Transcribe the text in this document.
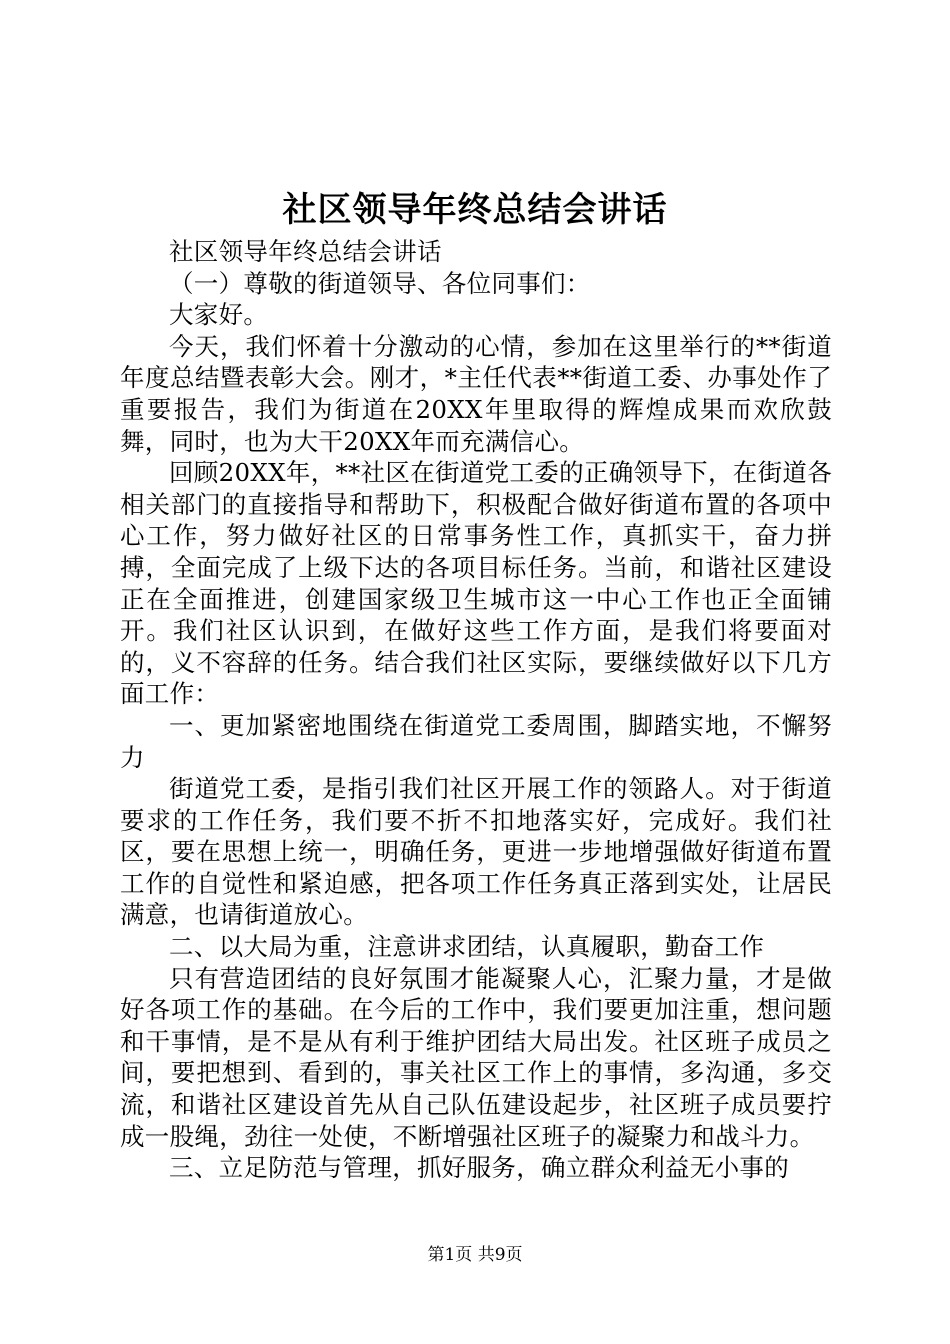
社区领导年终总结会讲话

社区领导年终总结会讲话

（一）尊敬的街道领导、各位同事们：

大家好。

今天，我们怀着十分激动的心情，参加在这里举行的**街道年度总结暨表彰大会。刚才，*主任代表**街道工委、办事处作了重要报告，我们为街道在20XX年里取得的辉煌成果而欢欣鼓舞，同时，也为大干20XX年而充满信心。

回顾20XX年，**社区在街道党工委的正确领导下，在街道各相关部门的直接指导和帮助下，积极配合做好街道布置的各项中心工作，努力做好社区的日常事务性工作，真抓实干，奋力拼搏，全面完成了上级下达的各项目标任务。当前，和谐社区建设正在全面推进，创建国家级卫生城市这一中心工作也正全面铺开。我们社区认识到，在做好这些工作方面，是我们将要面对的，义不容辞的任务。结合我们社区实际，要继续做好以下几方面工作：

一、更加紧密地围绕在街道党工委周围，脚踏实地，不懈努力

街道党工委，是指引我们社区开展工作的领路人。对于街道要求的工作任务，我们要不折不扣地落实好，完成好。我们社区，要在思想上统一，明确任务，更进一步地增强做好街道布置工作的自觉性和紧迫感，把各项工作任务真正落到实处，让居民满意，也请街道放心。

二、以大局为重，注意讲求团结，认真履职，勤奋工作

只有营造团结的良好氛围才能凝聚人心，汇聚力量，才是做好各项工作的基础。在今后的工作中，我们要更加注重，想问题和干事情，是不是从有利于维护团结大局出发。社区班子成员之间，要把想到、看到的，事关社区工作上的事情，多沟通，多交流，和谐社区建设首先从自己队伍建设起步，社区班子成员要拧成一股绳，劲往一处使，不断增强社区班子的凝聚力和战斗力。

三、立足防范与管理，抓好服务，确立群众利益无小事的

第1页 共9页
